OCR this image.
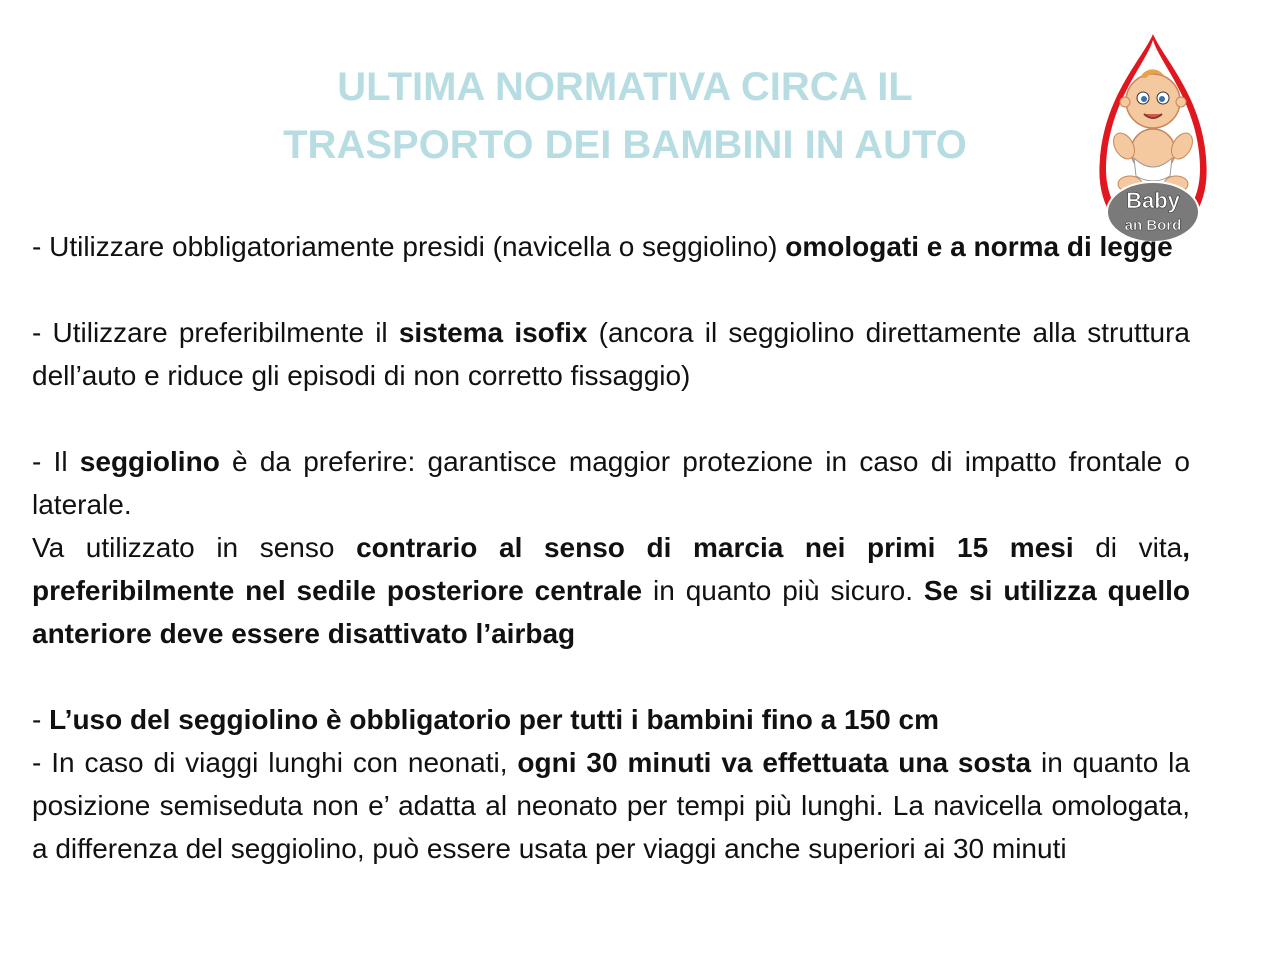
ULTIMA NORMATIVA CIRCA IL
TRASPORTO DEI BAMBINI IN AUTO
Baby
an Bord

- Utilizzare obbligatoriamente presidi (navicella o seggiolino) omologati e a norma di legge

- Utilizzare preferibilmente il sistema isofix (ancora il seggiolino direttamente alla struttura dell’auto e riduce gli episodi di non corretto fissaggio)

- Il seggiolino è da preferire: garantisce maggior protezione in caso di impatto frontale o laterale.

Va utilizzato in senso contrario al senso di marcia nei primi 15 mesi di vita, preferibilmente nel sedile posteriore centrale in quanto più sicuro. Se si utilizza quello anteriore deve essere disattivato l’airbag

- L’uso del seggiolino è obbligatorio per tutti i bambini fino a 150 cm

- In caso di viaggi lunghi con neonati, ogni 30 minuti va effettuata una sosta in quanto la posizione semiseduta non e’ adatta al neonato per tempi più lunghi. La navicella omologata, a differenza del seggiolino, può essere usata per viaggi anche superiori ai 30 minuti
